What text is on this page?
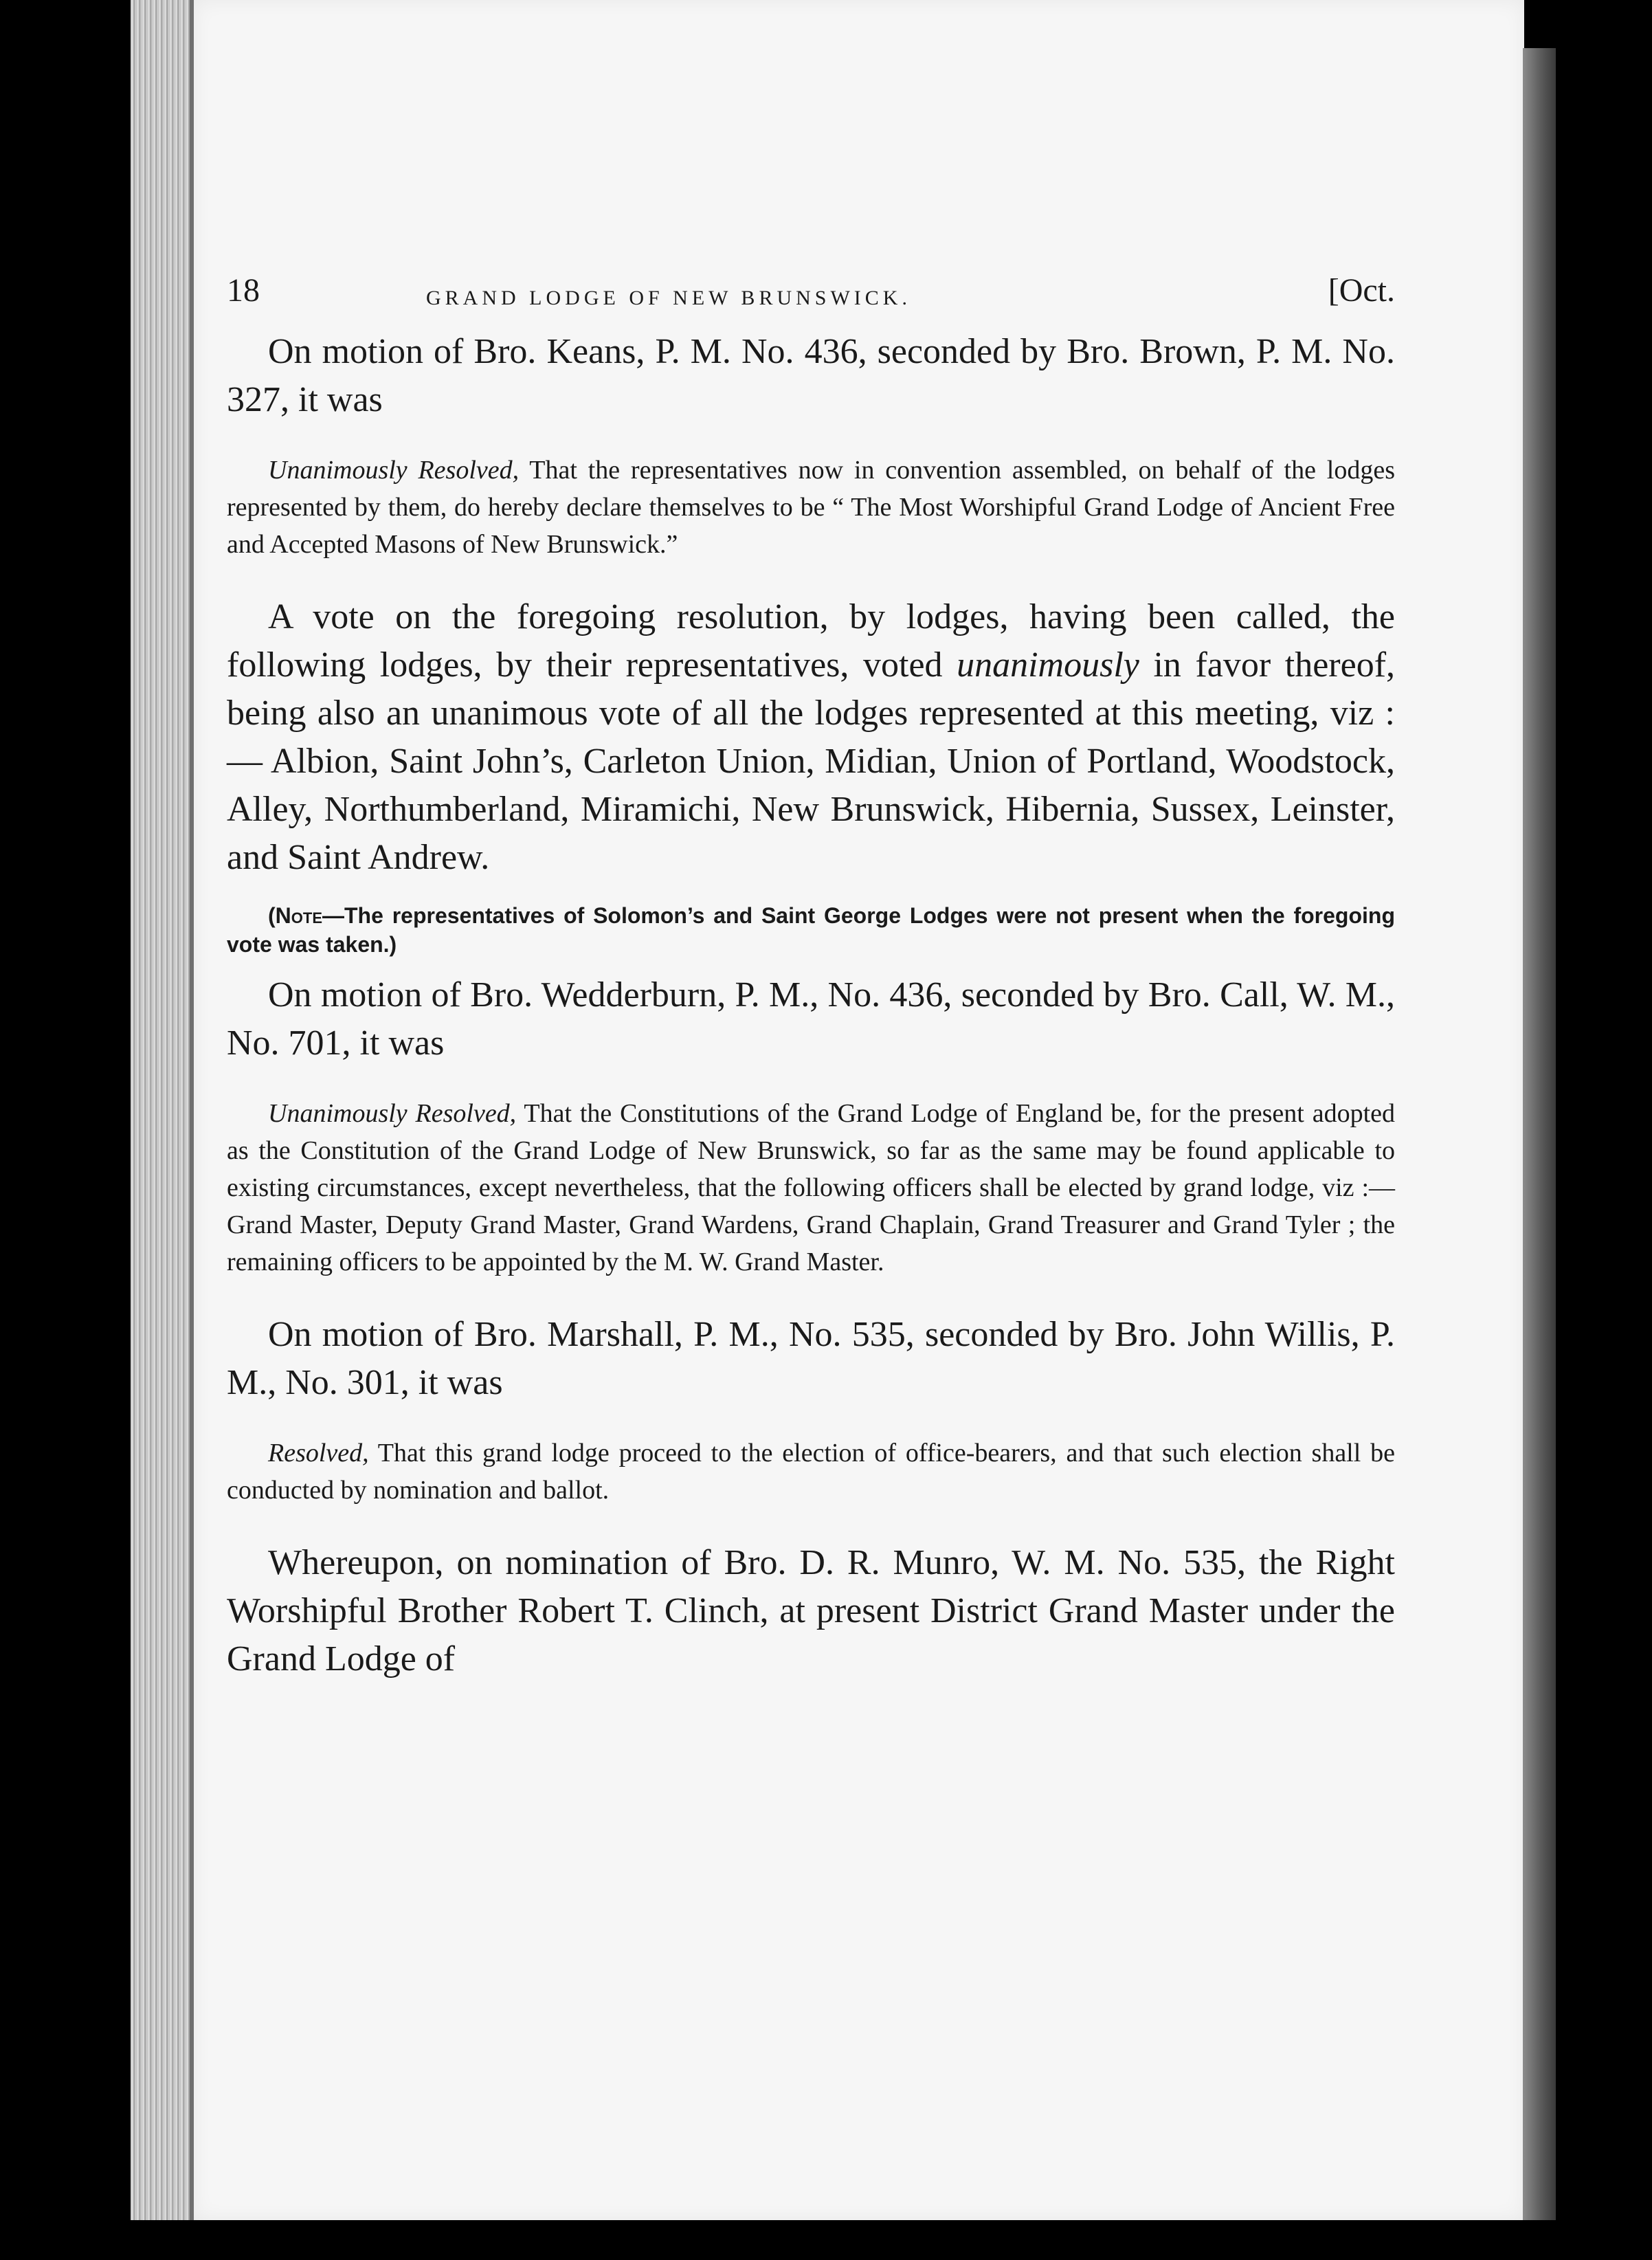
18	GRAND LODGE OF NEW BRUNSWICK.	[Oct.

On motion of Bro. Keans, P. M. No. 436, seconded by Bro. Brown, P. M. No. 327, it was

Unanimously Resolved, That the representatives now in convention assembled, on behalf of the lodges represented by them, do hereby declare themselves to be “ The Most Worshipful Grand Lodge of Ancient Free and Accepted Masons of New Brunswick.”

A vote on the foregoing resolution, by lodges, having been called, the following lodges, by their representatives, voted unanimously in favor thereof, being also an unanimous vote of all the lodges represented at this meeting, viz :— Albion, Saint John’s, Carleton Union, Midian, Union of Portland, Woodstock, Alley, Northumberland, Miramichi, New Brunswick, Hibernia, Sussex, Leinster, and Saint Andrew.

(Note—The representatives of Solomon’s and Saint George Lodges were not present when the foregoing vote was taken.)

On motion of Bro. Wedderburn, P. M., No. 436, seconded by Bro. Call, W. M., No. 701, it was

Unanimously Resolved, That the Constitutions of the Grand Lodge of England be, for the present adopted as the Constitution of the Grand Lodge of New Brunswick, so far as the same may be found applicable to existing circumstances, except nevertheless, that the following officers shall be elected by grand lodge, viz :—Grand Master, Deputy Grand Master, Grand Wardens, Grand Chaplain, Grand Treasurer and Grand Tyler ; the remaining officers to be appointed by the M. W. Grand Master.

On motion of Bro. Marshall, P. M., No. 535, seconded by Bro. John Willis, P. M., No. 301, it was

Resolved, That this grand lodge proceed to the election of office-bearers, and that such election shall be conducted by nomination and ballot.

Whereupon, on nomination of Bro. D. R. Munro, W. M. No. 535, the Right Worshipful Brother Robert T. Clinch, at present District Grand Master under the Grand Lodge of
